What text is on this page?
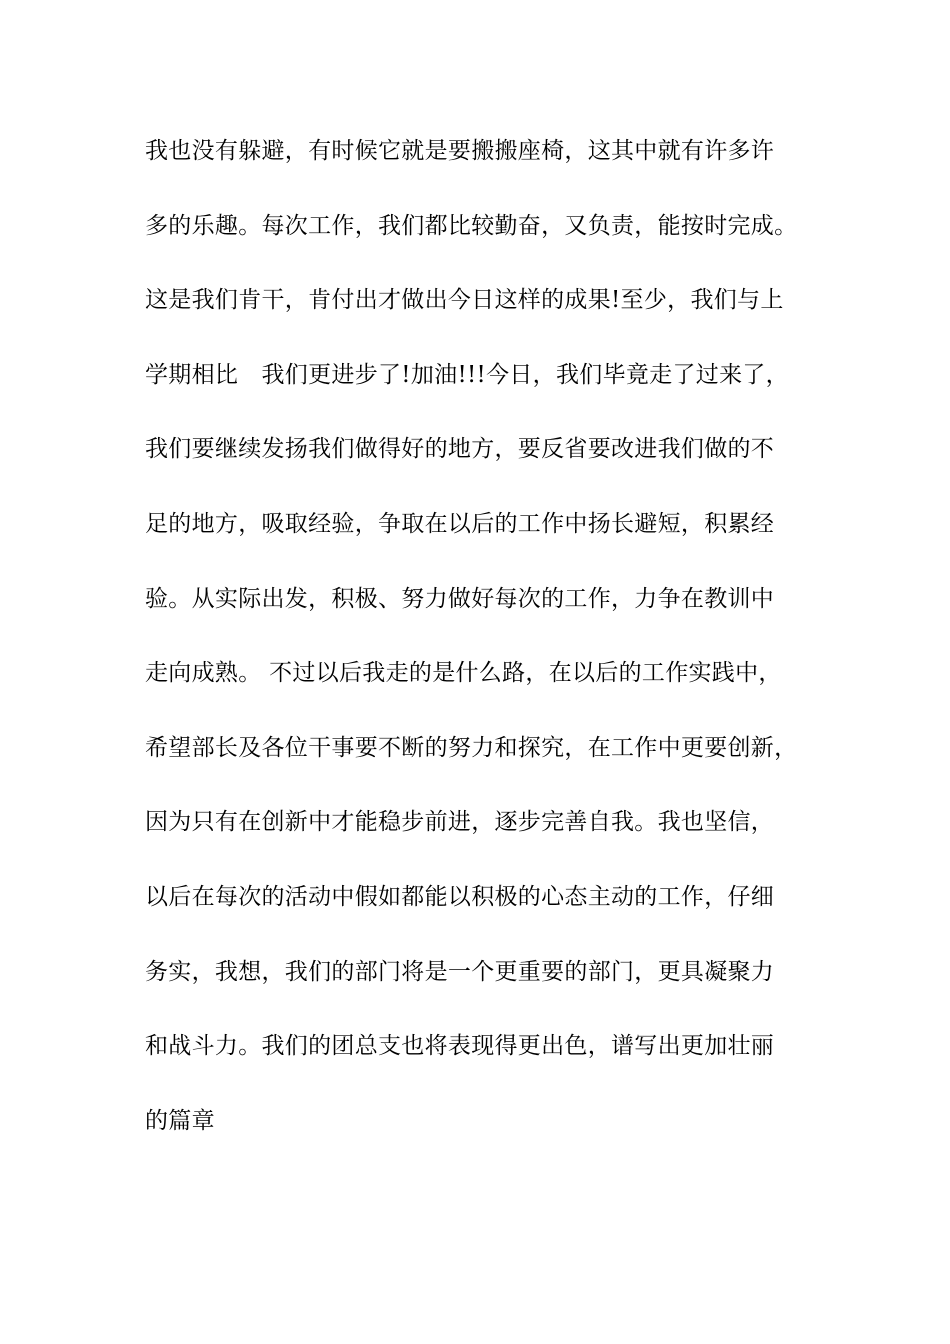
我也没有躲避，有时候它就是要搬搬座椅，这其中就有许多许
多的乐趣。每次工作，我们都比较勤奋，又负责，能按时完成。
这是我们肯干，肯付出才做出今日这样的成果!至少，我们与上
学期相比　我们更进步了!加油!!!今日，我们毕竟走了过来了，
我们要继续发扬我们做得好的地方，要反省要改进我们做的不
足的地方，吸取经验，争取在以后的工作中扬长避短，积累经
验。从实际出发，积极、努力做好每次的工作，力争在教训中
走向成熟。 不过以后我走的是什么路，在以后的工作实践中，
希望部长及各位干事要不断的努力和探究，在工作中更要创新，
因为只有在创新中才能稳步前进，逐步完善自我。我也坚信，
以后在每次的活动中假如都能以积极的心态主动的工作，仔细
务实，我想，我们的部门将是一个更重要的部门，更具凝聚力
和战斗力。我们的团总支也将表现得更出色，谱写出更加壮丽
的篇章
